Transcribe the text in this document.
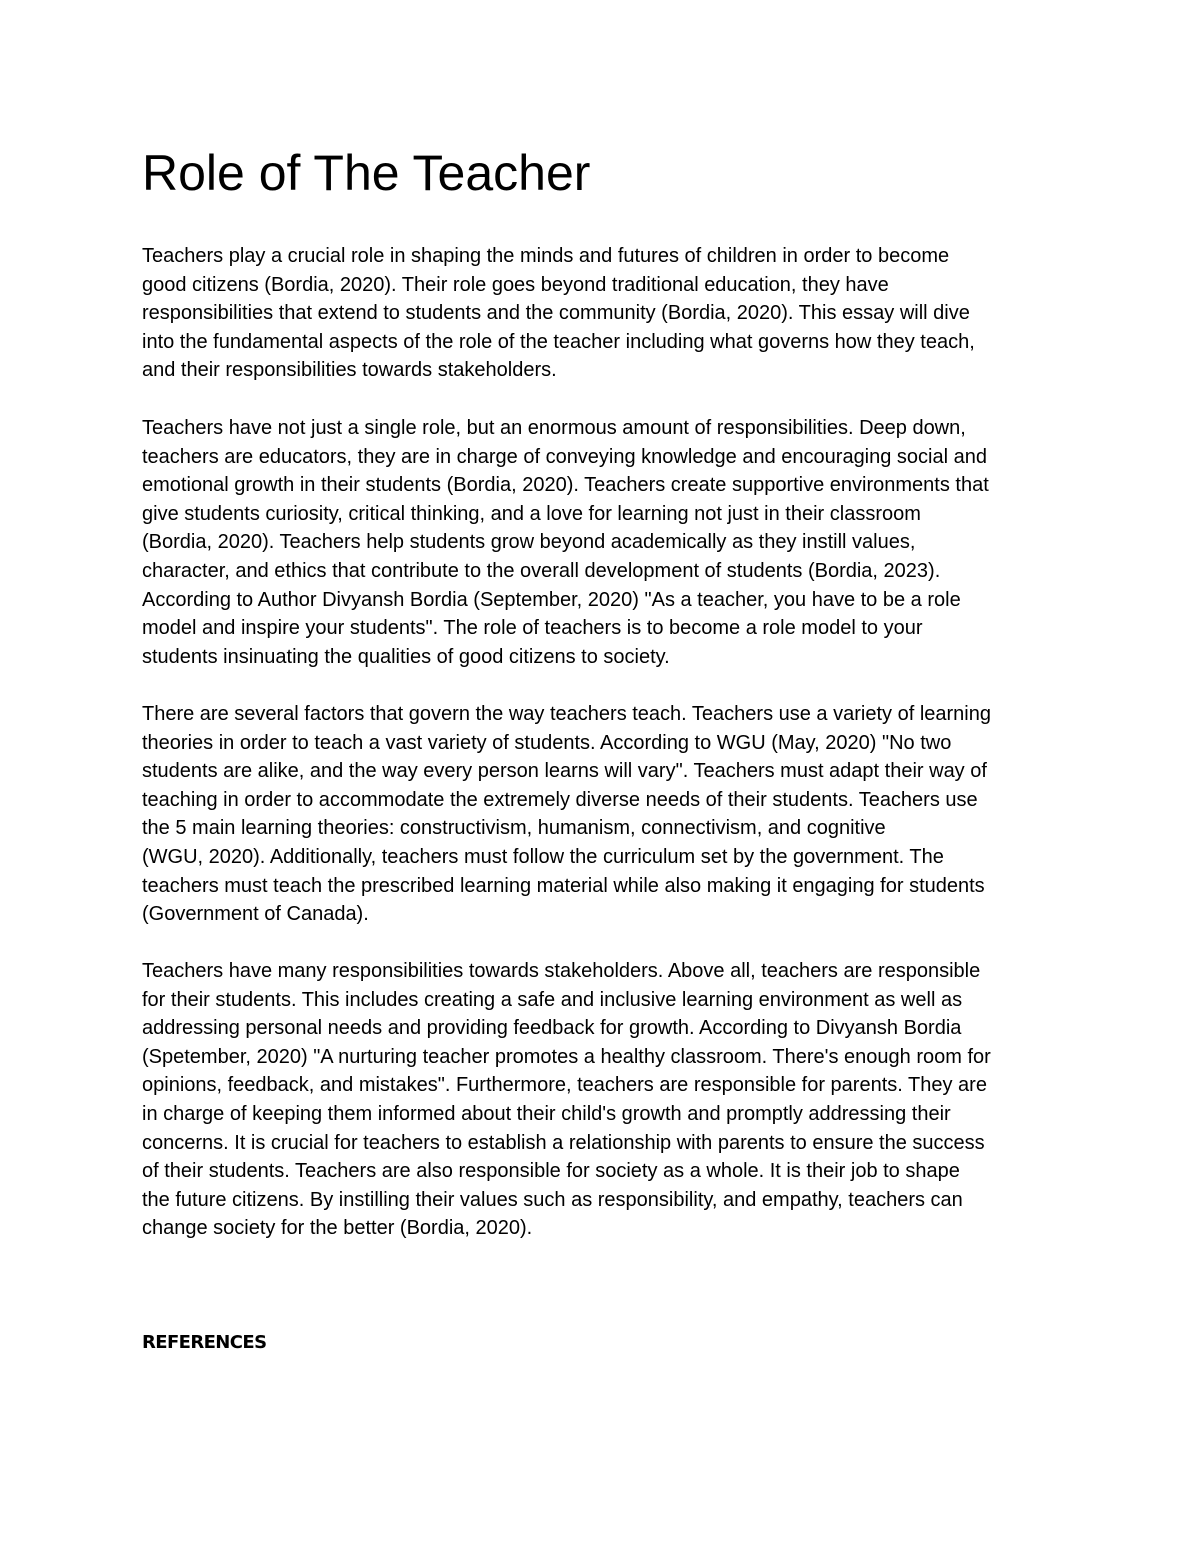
Role of The Teacher

Teachers play a crucial role in shaping the minds and futures of children in order to become
good citizens (Bordia, 2020). Their role goes beyond traditional education, they have
responsibilities that extend to students and the community (Bordia, 2020). This essay will dive
into the fundamental aspects of the role of the teacher including what governs how they teach,
and their responsibilities towards stakeholders.

Teachers have not just a single role, but an enormous amount of responsibilities. Deep down,
teachers are educators, they are in charge of conveying knowledge and encouraging social and
emotional growth in their students (Bordia, 2020). Teachers create supportive environments that
give students curiosity, critical thinking, and a love for learning not just in their classroom
(Bordia, 2020). Teachers help students grow beyond academically as they instill values,
character, and ethics that contribute to the overall development of students (Bordia, 2023).
According to Author Divyansh Bordia (September, 2020) "As a teacher, you have to be a role
model and inspire your students". The role of teachers is to become a role model to your
students insinuating the qualities of good citizens to society.

There are several factors that govern the way teachers teach. Teachers use a variety of learning
theories in order to teach a vast variety of students. According to WGU (May, 2020) "No two
students are alike, and the way every person learns will vary". Teachers must adapt their way of
teaching in order to accommodate the extremely diverse needs of their students. Teachers use
the 5 main learning theories: constructivism, humanism, connectivism, and cognitive
(WGU, 2020). Additionally, teachers must follow the curriculum set by the government. The
teachers must teach the prescribed learning material while also making it engaging for students
(Government of Canada).

Teachers have many responsibilities towards stakeholders. Above all, teachers are responsible
for their students. This includes creating a safe and inclusive learning environment as well as
addressing personal needs and providing feedback for growth. According to Divyansh Bordia
(Spetember, 2020) "A nurturing teacher promotes a healthy classroom. There's enough room for
opinions, feedback, and mistakes". Furthermore, teachers are responsible for parents. They are
in charge of keeping them informed about their child's growth and promptly addressing their
concerns. It is crucial for teachers to establish a relationship with parents to ensure the success
of their students. Teachers are also responsible for society as a whole. It is their job to shape
the future citizens. By instilling their values such as responsibility, and empathy, teachers can
change society for the better (Bordia, 2020).

REFERENCES
